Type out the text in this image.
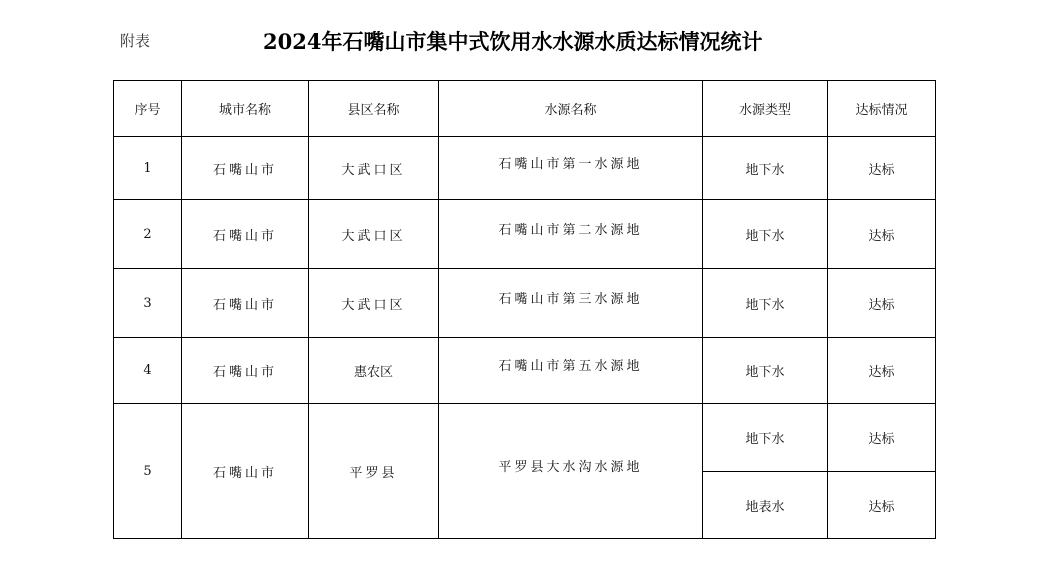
附表	2024年石嘴山市集中式饮用水水源水质达标情况统计
序号	城市名称	县区名称	水源名称	水源类型	达标情况
1	石嘴山市	大武口区	石嘴山市第一水源地	地下水	达标
2	石嘴山市	大武口区	石嘴山市第二水源地	地下水	达标
3	石嘴山市	大武口区	石嘴山市第三水源地	地下水	达标
4	石嘴山市	惠农区	石嘴山市第五水源地	地下水	达标
5	石嘴山市	平罗县	平罗县大水沟水源地	地下水	达标
				地表水	达标
